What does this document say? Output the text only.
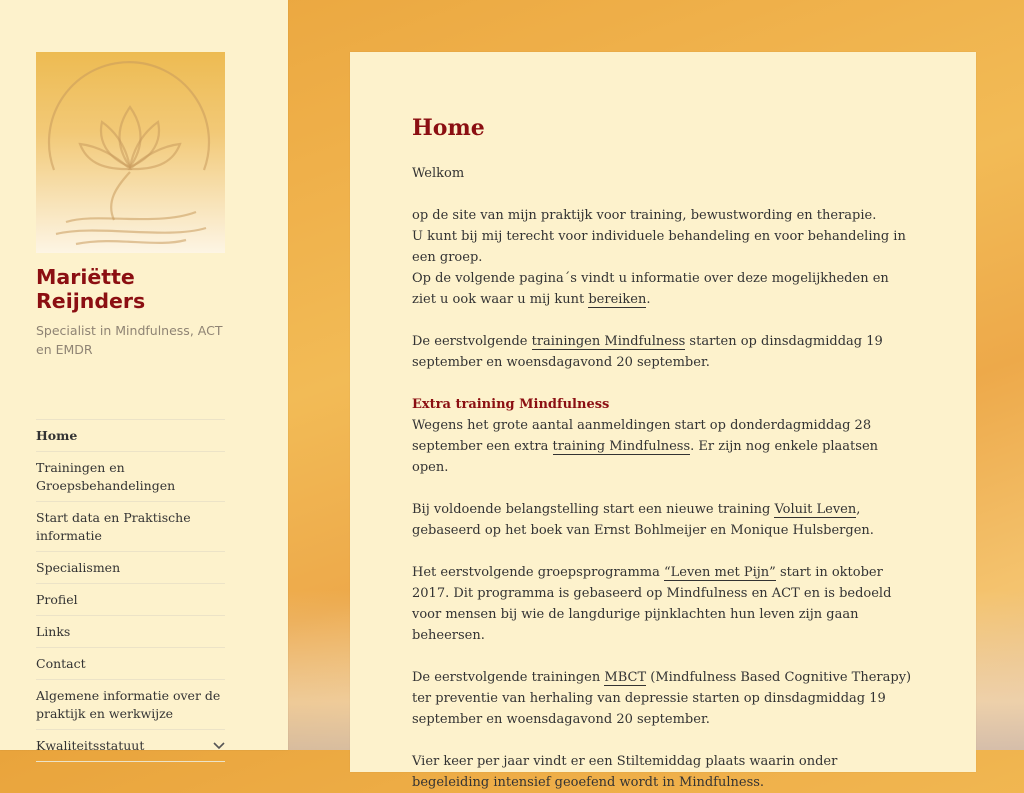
Mariëtte Reijnders
Specialist in Mindfulness, ACT en EMDR
Home
Trainingen en Groepsbehandelingen
Start data en Praktische informatie
Specialismen
Profiel
Links
Contact
Algemene informatie over de praktijk en werkwijze
Kwaliteitsstatuut
Home

Welkom

op de site van mijn praktijk voor training, bewustwording en therapie.
U kunt bij mij terecht voor individuele behandeling en voor behandeling in een groep.
Op de volgende pagina´s vindt u informatie over deze mogelijkheden en ziet u ook waar u mij kunt bereiken.

De eerstvolgende trainingen Mindfulness starten op dinsdagmiddag 19 september en woensdagavond 20 september.

Extra training Mindfulness
Wegens het grote aantal aanmeldingen start op donderdagmiddag 28 september een extra training Mindfulness. Er zijn nog enkele plaatsen open.

Bij voldoende belangstelling start een nieuwe training Voluit Leven, gebaseerd op het boek van Ernst Bohlmeijer en Monique Hulsbergen.

Het eerstvolgende groepsprogramma “Leven met Pijn” start in oktober 2017. Dit programma is gebaseerd op Mindfulness en ACT en is bedoeld voor mensen bij wie de langdurige pijnklachten hun leven zijn gaan beheersen.

De eerstvolgende trainingen MBCT (Mindfulness Based Cognitive Therapy) ter preventie van herhaling van depressie starten op dinsdagmiddag 19 september en woensdagavond 20 september.

Vier keer per jaar vindt er een Stiltemiddag plaats waarin onder begeleiding intensief geoefend wordt in Mindfulness.
